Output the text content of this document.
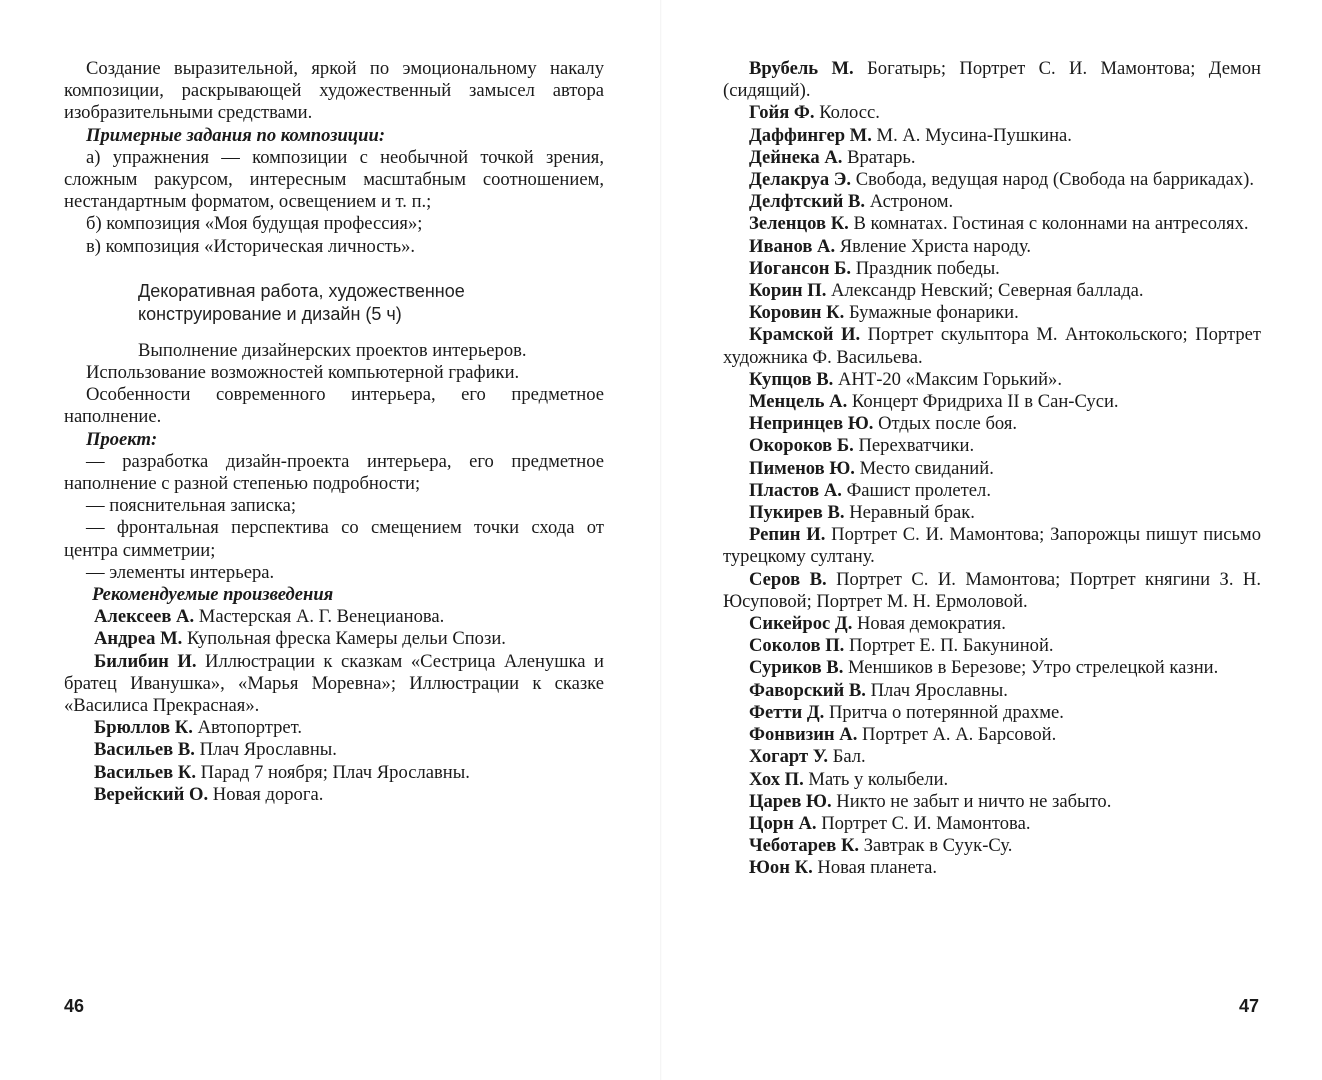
Создание выразительной, яркой по эмоциональному накалу композиции, раскрывающей художественный замысел автора изобразительными средствами.

Примерные задания по композиции:

а) упражнения — композиции с необычной точкой зрения, сложным ракурсом, интересным масштабным соотношением, нестандартным форматом, освещением и т. п.;

б) композиция «Моя будущая профессия»;

в) композиция «Историческая личность».

Декоративная работа, художественное
конструирование и дизайн (5 ч)

Выполнение дизайнерских проектов интерьеров.

Использование возможностей компьютерной графики.

Особенности современного интерьера, его предметное наполнение.

Проект:

— разработка дизайн-проекта интерьера, его предметное наполнение с разной степенью подробности;

— пояснительная записка;

— фронтальная перспектива со смещением точки схода от центра симметрии;

— элементы интерьера.

Рекомендуемые произведения

Алексеев А. Мастерская А. Г. Венецианова.

Андреа М. Купольная фреска Камеры дельи Спози.

Билибин И. Иллюстрации к сказкам «Сестрица Аленушка и братец Иванушка», «Марья Моревна»; Иллюстрации к сказке «Василиса Прекрасная».

Брюллов К. Автопортрет.

Васильев В. Плач Ярославны.

Васильев К. Парад 7 ноября; Плач Ярославны.

Верейский О. Новая дорога.

46

Врубель М. Богатырь; Портрет С. И. Мамонтова; Демон (сидящий).

Гойя Ф. Колосс.

Даффингер М. М. А. Мусина-Пушкина.

Дейнека А. Вратарь.

Делакруа Э. Свобода, ведущая народ (Свобода на баррикадах).

Делфтский В. Астроном.

Зеленцов К. В комнатах. Гостиная с колоннами на антресолях.

Иванов А. Явление Христа народу.

Иогансон Б. Праздник победы.

Корин П. Александр Невский; Северная баллада.

Коровин К. Бумажные фонарики.

Крамской И. Портрет скульптора М. Антокольского; Портрет художника Ф. Васильева.

Купцов В. АНТ-20 «Максим Горький».

Менцель А. Концерт Фридриха II в Сан-Суси.

Непринцев Ю. Отдых после боя.

Окороков Б. Перехватчики.

Пименов Ю. Место свиданий.

Пластов А. Фашист пролетел.

Пукирев В. Неравный брак.

Репин И. Портрет С. И. Мамонтова; Запорожцы пишут письмо турецкому султану.

Серов В. Портрет С. И. Мамонтова; Портрет княгини З. Н. Юсуповой; Портрет М. Н. Ермоловой.

Сикейрос Д. Новая демократия.

Соколов П. Портрет Е. П. Бакуниной.

Суриков В. Меншиков в Березове; Утро стрелецкой казни.

Фаворский В. Плач Ярославны.

Фетти Д. Притча о потерянной драхме.

Фонвизин А. Портрет А. А. Барсовой.

Хогарт У. Бал.

Хох П. Мать у колыбели.

Царев Ю. Никто не забыт и ничто не забыто.

Цорн А. Портрет С. И. Мамонтова.

Чеботарев К. Завтрак в Суук-Су.

Юон К. Новая планета.

47
